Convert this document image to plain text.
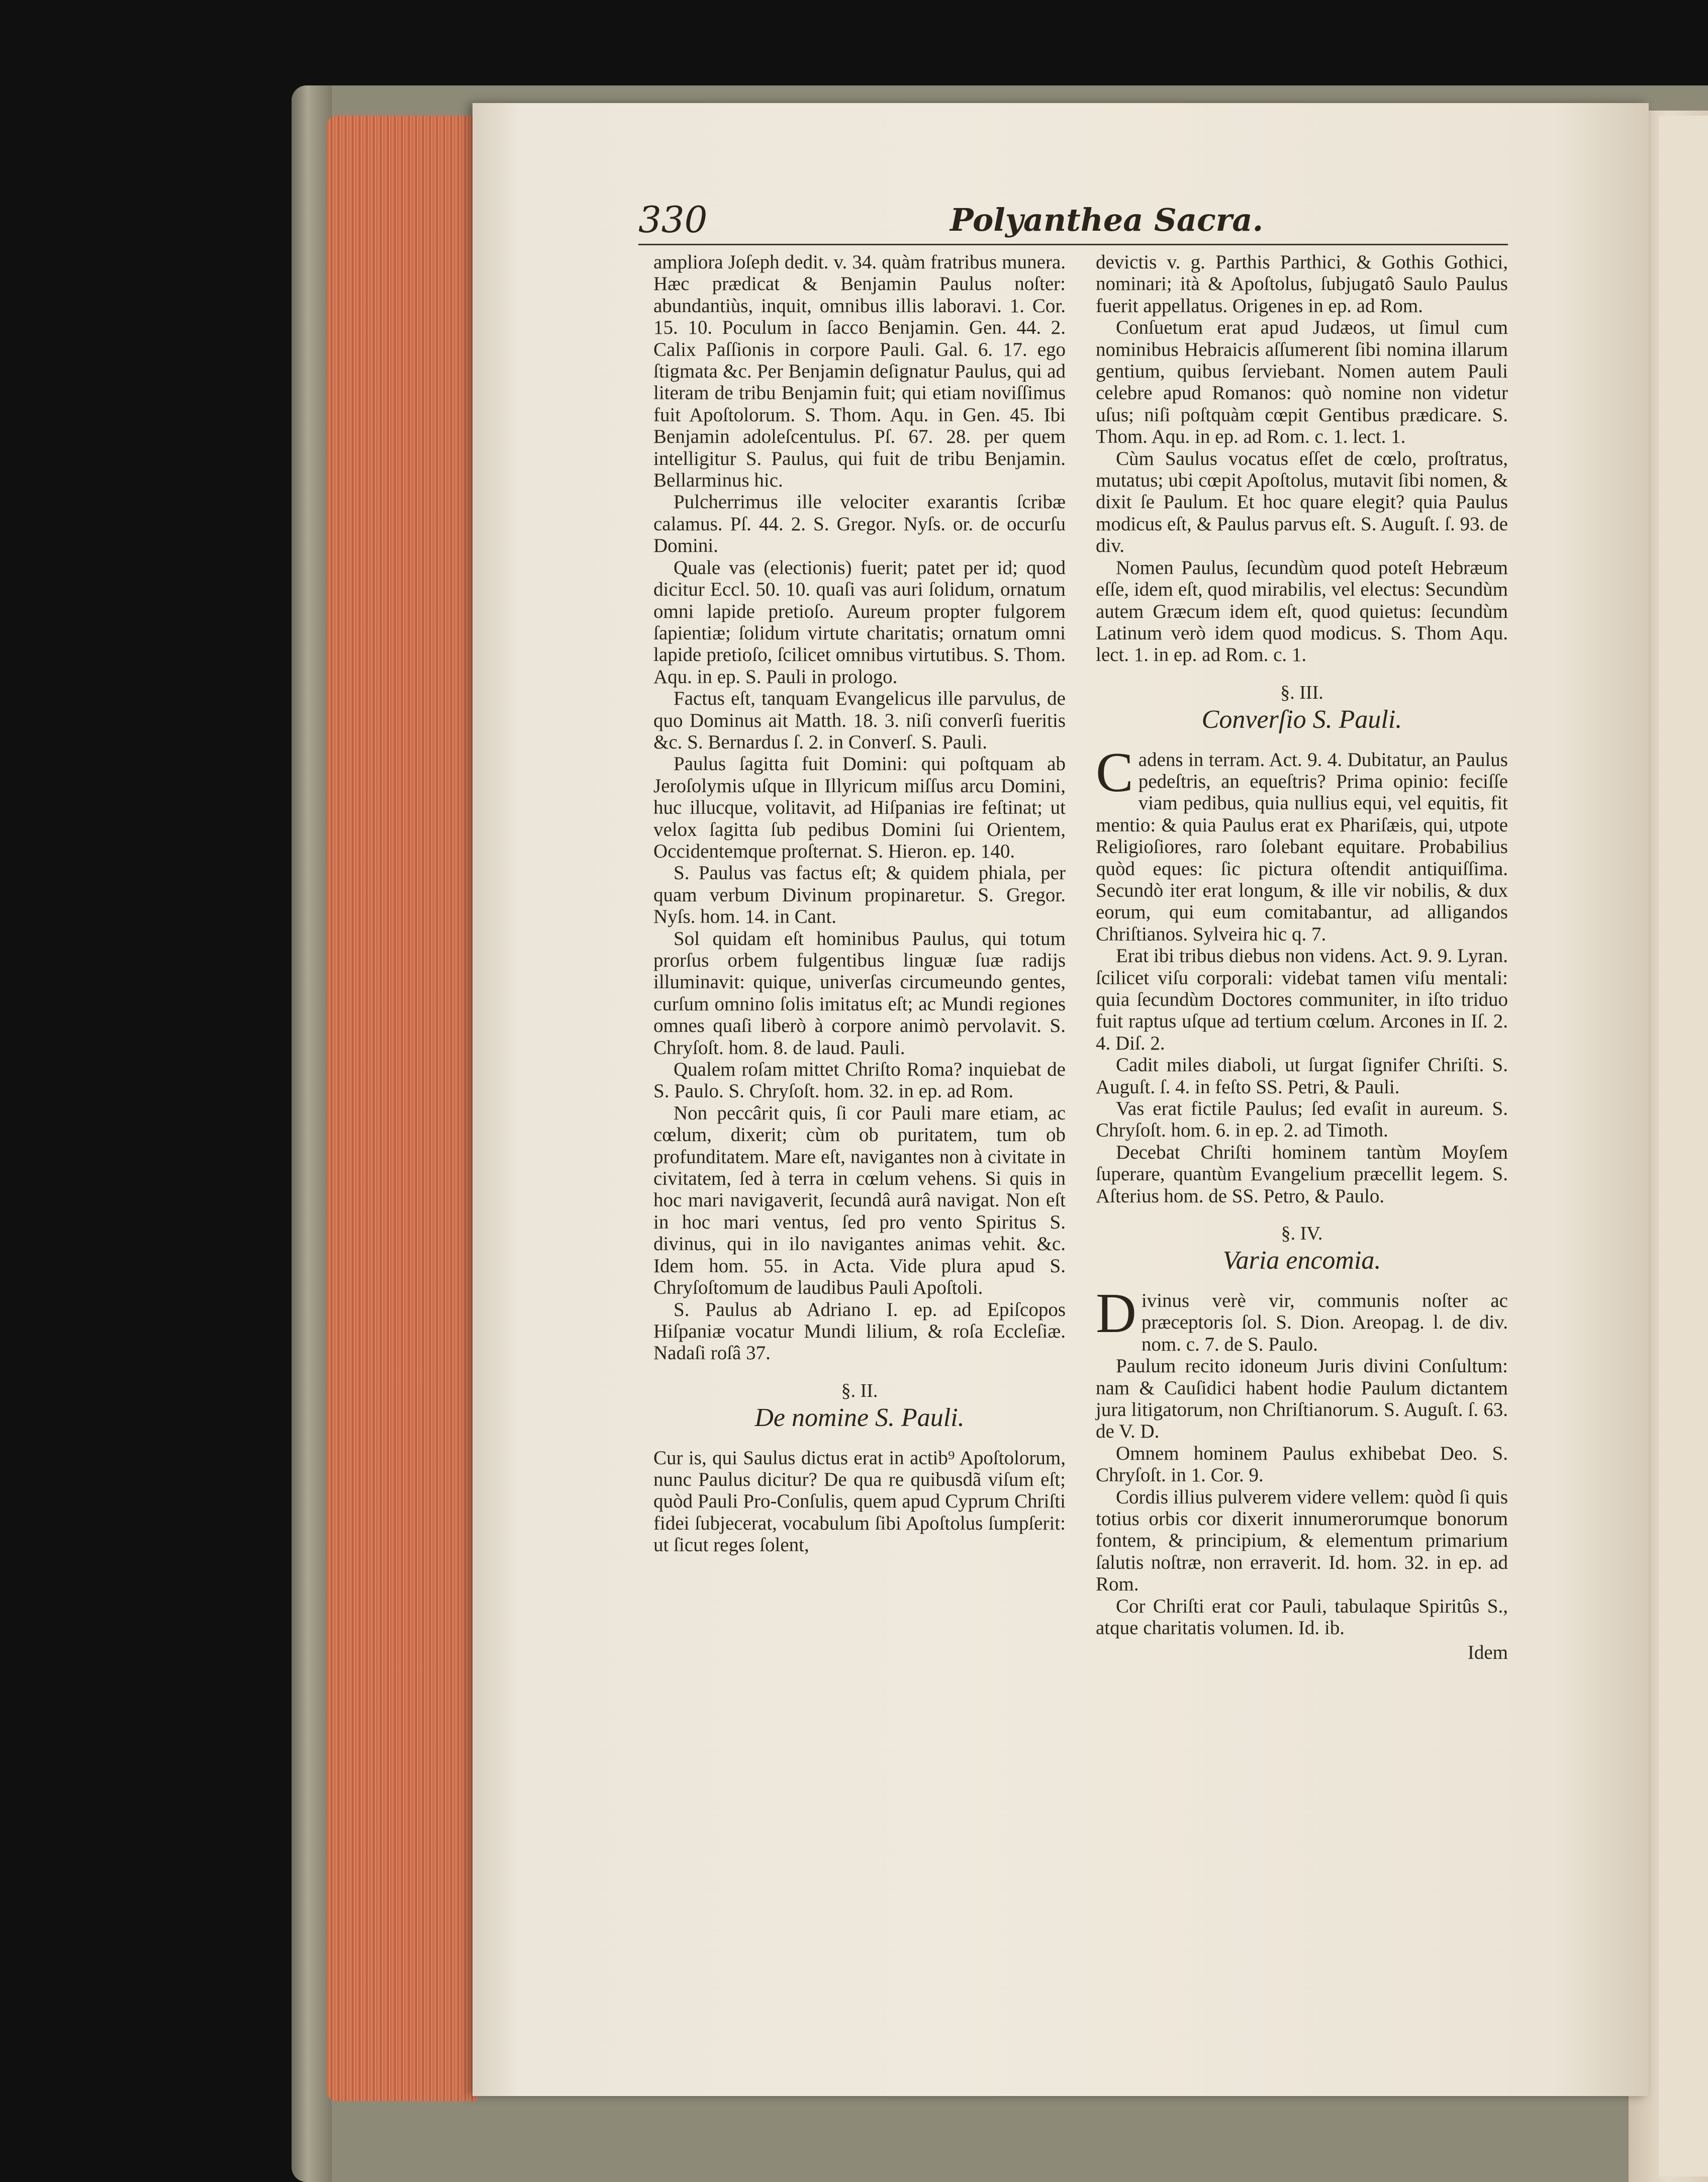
330	Polyanthea Sacra.

ampliora Joſeph dedit. v. 34. quàm fratribus munera. Hæc prædicat & Benjamin Paulus noſter: abundantiùs, inquit, omnibus illis laboravi. 1. Cor. 15. 10. Poculum in ſacco Benjamin. Gen. 44. 2. Calix Paſſionis in corpore Pauli. Gal. 6. 17. ego ſtigmata &c. Per Benjamin deſignatur Paulus, qui ad literam de tribu Benjamin fuit; qui etiam noviſſimus fuit Apoſtolorum. S. Thom. Aqu. in Gen. 45. Ibi Benjamin adoleſcentulus. Pſ. 67. 28. per quem intelligitur S. Paulus, qui fuit de tribu Benjamin. Bellarminus hic.

Pulcherrimus ille velociter exarantis ſcribæ calamus. Pſ. 44. 2. S. Gregor. Nyſs. or. de occurſu Domini.

Quale vas (electionis) fuerit; patet per id; quod dicitur Eccl. 50. 10. quaſi vas auri ſolidum, ornatum omni lapide pretioſo. Aureum propter fulgorem ſapientiæ; ſolidum virtute charitatis; ornatum omni lapide pretioſo, ſcilicet omnibus virtutibus. S. Thom. Aqu. in ep. S. Pauli in prologo.

Factus eſt, tanquam Evangelicus ille parvulus, de quo Dominus ait Matth. 18. 3. niſi converſi fueritis &c. S. Bernardus ſ. 2. in Converſ. S. Pauli.

Paulus ſagitta fuit Domini: qui poſtquam ab Jeroſolymis uſque in Illyricum miſſus arcu Domini, huc illucque, volitavit, ad Hiſpanias ire feſtinat; ut velox ſagitta ſub pedibus Domini ſui Orientem, Occidentemque proſternat. S. Hieron. ep. 140.

S. Paulus vas factus eſt; & quidem phiala, per quam verbum Divinum propinaretur. S. Gregor. Nyſs. hom. 14. in Cant.

Sol quidam eſt hominibus Paulus, qui totum prorſus orbem fulgentibus linguæ ſuæ radijs illuminavit: quique, univerſas circumeundo gentes, curſum omnino ſolis imitatus eſt; ac Mundi regiones omnes quaſi liberò à corpore animò pervolavit. S. Chryſoſt. hom. 8. de laud. Pauli.

Qualem roſam mittet Chriſto Roma? inquiebat de S. Paulo. S. Chryſoſt. hom. 32. in ep. ad Rom.

Non peccârit quis, ſi cor Pauli mare etiam, ac cœlum, dixerit; cùm ob puritatem, tum ob profunditatem. Mare eſt, navigantes non à civitate in civitatem, ſed à terra in cœlum vehens. Si quis in hoc mari navigaverit, ſecundâ aurâ navigat. Non eſt in hoc mari ventus, ſed pro vento Spiritus S. divinus, qui in ilo navigantes animas vehit. &c. Idem hom. 55. in Acta. Vide plura apud S. Chryſoſtomum de laudibus Pauli Apoſtoli.

S. Paulus ab Adriano I. ep. ad Epiſcopos Hiſpaniæ vocatur Mundi lilium, & roſa Eccleſiæ. Nadaſi roſâ 37.

§. II.
De nomine S. Pauli.

Cur is, qui Saulus dictus erat in actib⁹ Apoſtolorum, nunc Paulus dicitur? De qua re quibusdã viſum eſt; quòd Pauli Pro-Conſulis, quem apud Cyprum Chriſti fidei ſubjecerat, vocabulum ſibi Apoſtolus ſumpſerit: ut ſicut reges ſolent,

devictis v. g. Parthis Parthici, & Gothis Gothici, nominari; ità & Apoſtolus, ſubjugatô Saulo Paulus fuerit appellatus. Origenes in ep. ad Rom.

Conſuetum erat apud Judæos, ut ſimul cum nominibus Hebraicis aſſumerent ſibi nomina illarum gentium, quibus ſerviebant. Nomen autem Pauli celebre apud Romanos: quò nomine non videtur uſus; niſi poſtquàm cœpit Gentibus prædicare. S. Thom. Aqu. in ep. ad Rom. c. 1. lect. 1.

Cùm Saulus vocatus eſſet de cœlo, proſtratus, mutatus; ubi cœpit Apoſtolus, mutavit ſibi nomen, & dixit ſe Paulum. Et hoc quare elegit? quia Paulus modicus eſt, & Paulus parvus eſt. S. Auguſt. ſ. 93. de div.

Nomen Paulus, ſecundùm quod poteſt Hebræum eſſe, idem eſt, quod mirabilis, vel electus: Secundùm autem Græcum idem eſt, quod quietus: ſecundùm Latinum verò idem quod modicus. S. Thom Aqu. lect. 1. in ep. ad Rom. c. 1.

§. III.
Converſio S. Pauli.

Cadens in terram. Act. 9. 4. Dubitatur, an Paulus pedeſtris, an equeſtris? Prima opinio: feciſſe viam pedibus, quia nullius equi, vel equitis, fit mentio: & quia Paulus erat ex Phariſæis, qui, utpote Religioſiores, raro ſolebant equitare. Probabilius quòd eques: ſic pictura oſtendit antiquiſſima. Secundò iter erat longum, & ille vir nobilis, & dux eorum, qui eum comitabantur, ad alligandos Chriſtianos. Sylveira hic q. 7.

Erat ibi tribus diebus non videns. Act. 9. 9. Lyran. ſcilicet viſu corporali: videbat tamen viſu mentali: quia ſecundùm Doctores communiter, in iſto triduo fuit raptus uſque ad tertium cœlum. Arcones in Iſ. 2. 4. Diſ. 2.

Cadit miles diaboli, ut ſurgat ſignifer Chriſti. S. Auguſt. ſ. 4. in feſto SS. Petri, & Pauli.

Vas erat fictile Paulus; ſed evaſit in aureum. S. Chryſoſt. hom. 6. in ep. 2. ad Timoth.

Decebat Chriſti hominem tantùm Moyſem ſuperare, quantùm Evangelium præcellit legem. S. Aſterius hom. de SS. Petro, & Paulo.

§. IV.
Varia encomia.

Divinus verè vir, communis noſter ac præceptoris ſol. S. Dion. Areopag. l. de div. nom. c. 7. de S. Paulo.

Paulum recito idoneum Juris divini Conſultum: nam & Cauſidici habent hodie Paulum dictantem jura litigatorum, non Chriſtianorum. S. Auguſt. ſ. 63. de V. D.

Omnem hominem Paulus exhibebat Deo. S. Chryſoſt. in 1. Cor. 9.

Cordis illius pulverem videre vellem: quòd ſi quis totius orbis cor dixerit innumerorumque bonorum fontem, & principium, & elementum primarium ſalutis noſtræ, non erraverit. Id. hom. 32. in ep. ad Rom.

Cor Chriſti erat cor Pauli, tabulaque Spiritûs S., atque charitatis volumen. Id. ib.

Idem
